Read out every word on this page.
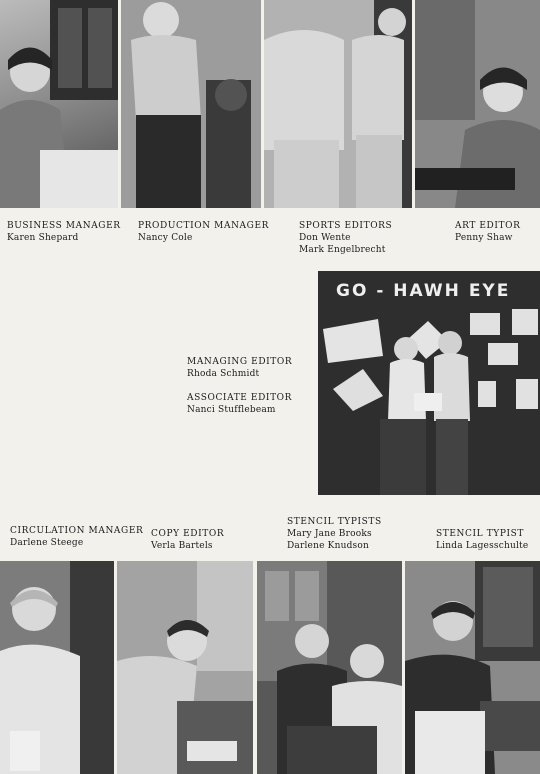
BUSINESS MANAGER
Karen Shepard
PRODUCTION MANAGER
Nancy Cole
SPORTS EDITORS
Don Wente
Mark Engelbrecht
ART EDITOR
Penny Shaw
MANAGING EDITOR
Rhoda Schmidt
ASSOCIATE EDITOR
Nanci Stufflebeam
GO - HAWH EYE
CIRCULATION MANAGER
Darlene Steege
COPY EDITOR
Verla Bartels
STENCIL TYPISTS
Mary Jane Brooks
Darlene Knudson
STENCIL TYPIST
Linda Lagesschulte
